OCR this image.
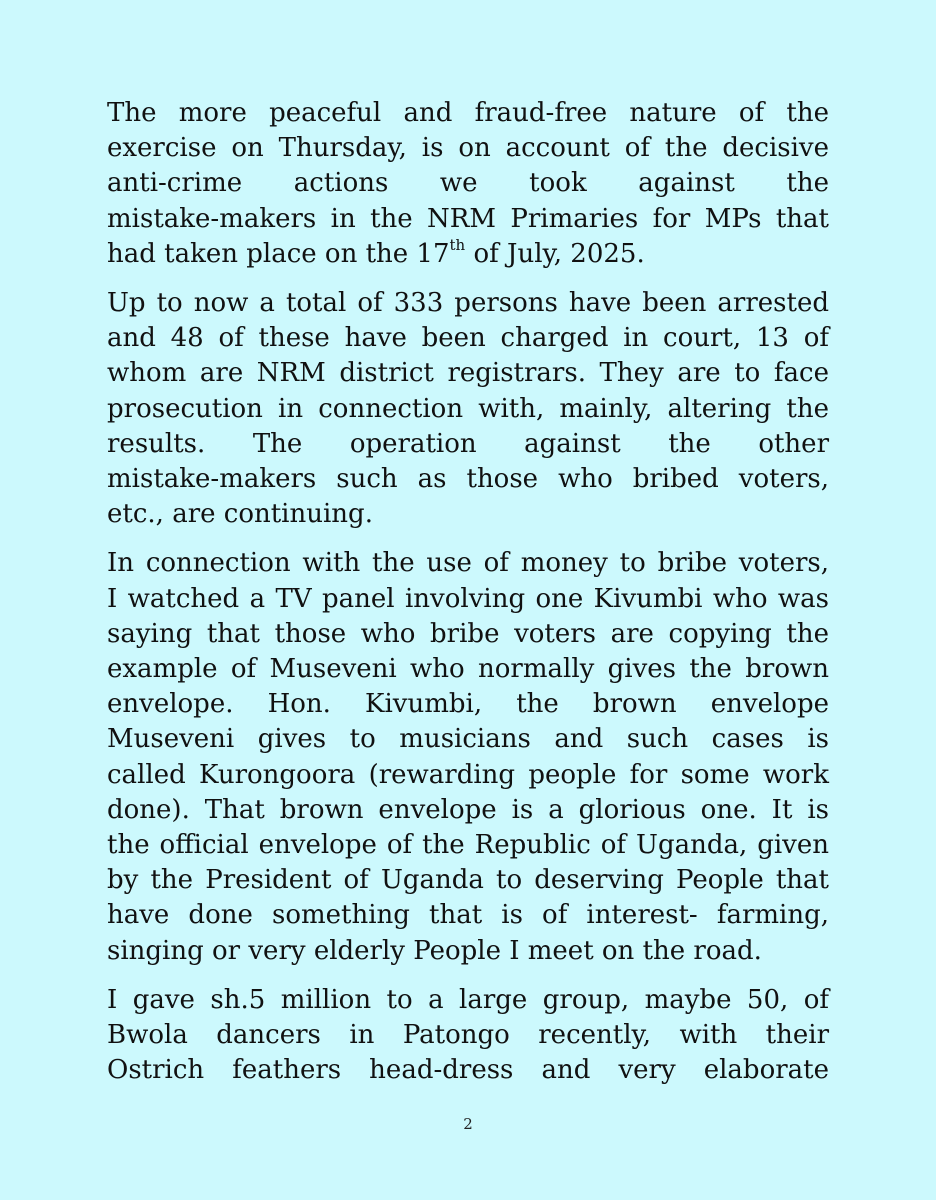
The more peaceful and fraud-free nature of the
exercise on Thursday, is on account of the decisive
anti-crime actions we took against the
mistake-makers in the NRM Primaries for MPs that
had taken place on the 17th of July, 2025.

Up to now a total of 333 persons have been arrested
and 48 of these have been charged in court, 13 of
whom are NRM district registrars. They are to face
prosecution in connection with, mainly, altering the
results. The operation against the other
mistake-makers such as those who bribed voters,
etc., are continuing.

In connection with the use of money to bribe voters,
I watched a TV panel involving one Kivumbi who was
saying that those who bribe voters are copying the
example of Museveni who normally gives the brown
envelope. Hon. Kivumbi, the brown envelope
Museveni gives to musicians and such cases is
called Kurongoora (rewarding people for some work
done). That brown envelope is a glorious one. It is
the official envelope of the Republic of Uganda, given
by the President of Uganda to deserving People that
have done something that is of interest- farming,
singing or very elderly People I meet on the road.

I gave sh.5 million to a large group, maybe 50, of
Bwola dancers in Patongo recently, with their
Ostrich feathers head-dress and very elaborate

2
